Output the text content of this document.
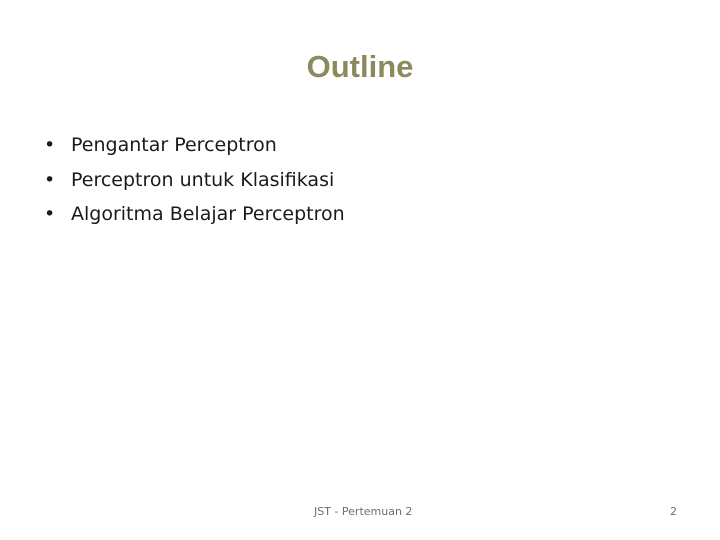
Outline
• Pengantar Perceptron
• Perceptron untuk Klasifikasi
• Algoritma Belajar Perceptron
JST - Pertemuan 2	2
